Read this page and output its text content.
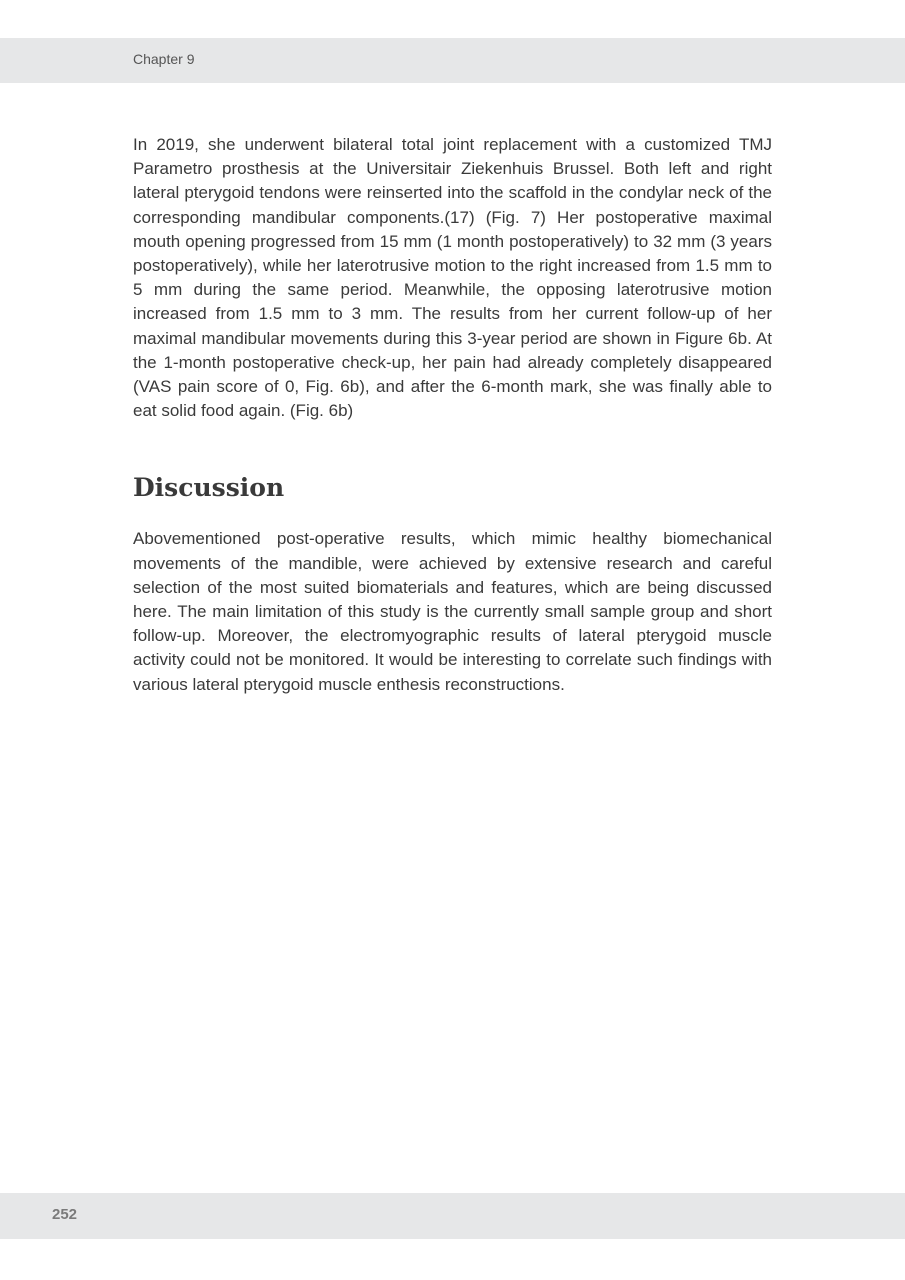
Chapter 9

In 2019, she underwent bilateral total joint replacement with a customized TMJ Parametro prosthesis at the Universitair Ziekenhuis Brussel. Both left and right lateral pterygoid tendons were reinserted into the scaffold in the condylar neck of the corresponding mandibular components.(17) (Fig. 7) Her postoperative maximal mouth opening progressed from 15 mm (1 month postoperatively) to 32 mm (3 years postoperatively), while her laterotrusive motion to the right increased from 1.5 mm to 5 mm during the same period. Meanwhile, the opposing laterotrusive motion increased from 1.5 mm to 3 mm. The results from her current follow-up of her maximal mandibular movements during this 3-year period are shown in Figure 6b. At the 1-month postoperative check-up, her pain had already completely disappeared (VAS pain score of 0, Fig. 6b), and after the 6-month mark, she was finally able to eat solid food again. (Fig. 6b)

Discussion

Abovementioned post-operative results, which mimic healthy biomechanical movements of the mandible, were achieved by extensive research and careful selection of the most suited biomaterials and features, which are being discussed here. The main limitation of this study is the currently small sample group and short follow-up. Moreover, the electromyographic results of lateral pterygoid muscle activity could not be monitored. It would be interesting to correlate such findings with various lateral pterygoid muscle enthesis reconstructions.

252
